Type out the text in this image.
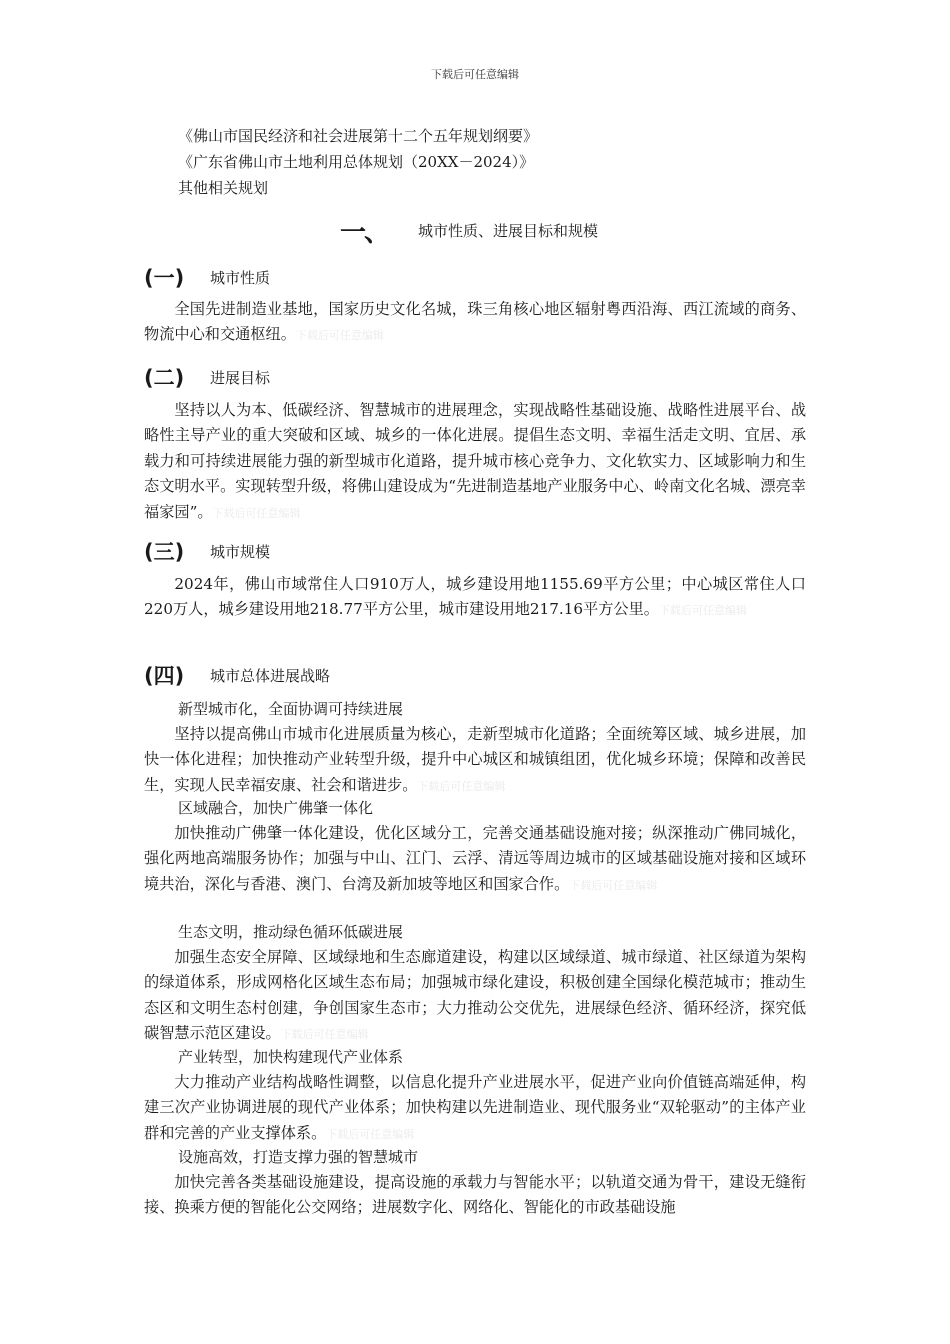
下载后可任意编辑
《佛山市国民经济和社会进展第十二个五年规划纲要》
《广东省佛山市土地利用总体规划（20XX－2024）》
其他相关规划
一、 城市性质、进展目标和规模
(一)	城市性质
全国先进制造业基地，国家历史文化名城，珠三角核心地区辐射粤西沿海、西江流域的商务、物流中心和交通枢纽。下载后可任意编辑
(二)	进展目标
坚持以人为本、低碳经济、智慧城市的进展理念，实现战略性基础设施、战略性进展平台、战略性主导产业的重大突破和区域、城乡的一体化进展。提倡生态文明、幸福生活走文明、宜居、承载力和可持续进展能力强的新型城市化道路，提升城市核心竞争力、文化软实力、区域影响力和生态文明水平。实现转型升级，将佛山建设成为“先进制造基地产业服务中心、岭南文化名城、漂亮幸福家园”。下载后可任意编辑
(三)	城市规模
2024年，佛山市域常住人口910万人，城乡建设用地1155.69平方公里；中心城区常住人口220万人，城乡建设用地218.77平方公里，城市建设用地217.16平方公里。下载后可任意编辑
(四)	城市总体进展战略
新型城市化，全面协调可持续进展
坚持以提高佛山市城市化进展质量为核心，走新型城市化道路；全面统筹区域、城乡进展，加快一体化进程；加快推动产业转型升级，提升中心城区和城镇组团，优化城乡环境；保障和改善民生，实现人民幸福安康、社会和谐进步。下载后可任意编辑
区域融合，加快广佛肇一体化
加快推动广佛肇一体化建设，优化区域分工，完善交通基础设施对接；纵深推动广佛同城化，强化两地高端服务协作；加强与中山、江门、云浮、清远等周边城市的区域基础设施对接和区域环境共治，深化与香港、澳门、台湾及新加坡等地区和国家合作。下载后可任意编辑
生态文明，推动绿色循环低碳进展
加强生态安全屏障、区域绿地和生态廊道建设，构建以区域绿道、城市绿道、社区绿道为架构的绿道体系，形成网格化区域生态布局；加强城市绿化建设，积极创建全国绿化模范城市；推动生态区和文明生态村创建，争创国家生态市；大力推动公交优先，进展绿色经济、循环经济，探究低碳智慧示范区建设。下载后可任意编辑
产业转型，加快构建现代产业体系
大力推动产业结构战略性调整，以信息化提升产业进展水平，促进产业向价值链高端延伸，构建三次产业协调进展的现代产业体系；加快构建以先进制造业、现代服务业“双轮驱动”的主体产业群和完善的产业支撑体系。下载后可任意编辑
设施高效，打造支撑力强的智慧城市
加快完善各类基础设施建设，提高设施的承载力与智能水平；以轨道交通为骨干，建设无缝衔接、换乘方便的智能化公交网络；进展数字化、网络化、智能化的市政基础设施
